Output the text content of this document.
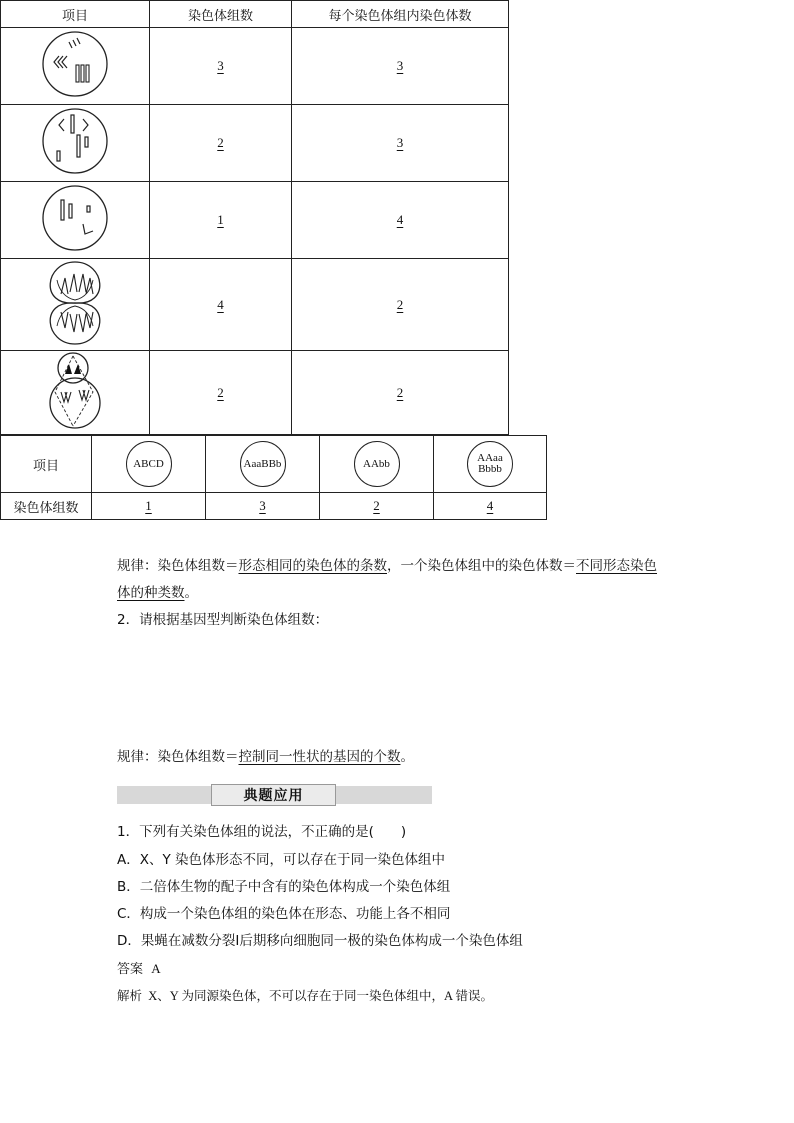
项目	染色体组数	每个染色体组内染色体数
	3	3
	2	3
	1	4
	4	2
	2	2
规律：染色体组数＝形态相同的染色体的条数，一个染色体组中的染色体数＝不同形态染色
体的种类数。
2．请根据基因型判断染色体组数：
项目	ABCD	AaaBBb	AAbb	AAaa
Bbbb

染色体组数	1	3	2	4
规律：染色体组数＝控制同一性状的基因的个数。
典题应用
1．下列有关染色体组的说法，不正确的是(　　)
A．X、Y 染色体形态不同，可以存在于同一染色体组中
B．二倍体生物的配子中含有的染色体构成一个染色体组
C．构成一个染色体组的染色体在形态、功能上各不相同
D．果蝇在减数分裂Ⅰ后期移向细胞同一极的染色体构成一个染色体组
答案 A
解析 X、Y 为同源染色体，不可以存在于同一染色体组中，A 错误。
